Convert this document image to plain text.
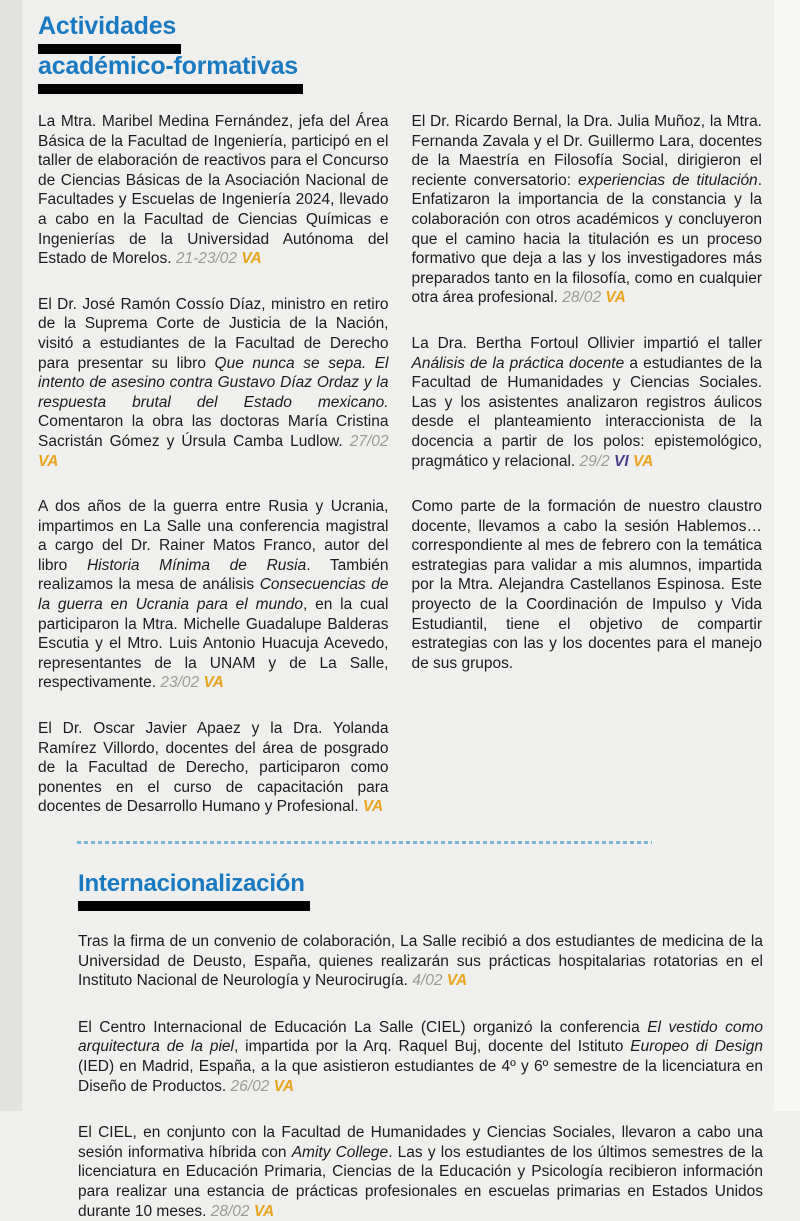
Actividades
académico-formativas

La Mtra. Maribel Medina Fernández, jefa del Área Básica de la Facultad de Ingeniería, participó en el taller de elaboración de reactivos para el Concurso de Ciencias Básicas de la Asociación Nacional de Facultades y Escuelas de Ingeniería 2024, llevado a cabo en la Facultad de Ciencias Químicas e Ingenierías de la Universidad Autónoma del Estado de Morelos. 21-23/02 VA

El Dr. José Ramón Cossío Díaz, ministro en retiro de la Suprema Corte de Justicia de la Nación, visitó a estudiantes de la Facultad de Derecho para presentar su libro Que nunca se sepa. El intento de asesino contra Gustavo Díaz Ordaz y la respuesta brutal del Estado mexicano. Comentaron la obra las doctoras María Cristina Sacristán Gómez y Úrsula Camba Ludlow. 27/02 VA

A dos años de la guerra entre Rusia y Ucrania, impartimos en La Salle una conferencia magistral a cargo del Dr. Rainer Matos Franco, autor del libro Historia Mínima de Rusia. También realizamos la mesa de análisis Consecuencias de la guerra en Ucrania para el mundo, en la cual participaron la Mtra. Michelle Guadalupe Balderas Escutia y el Mtro. Luis Antonio Huacuja Acevedo, representantes de la UNAM y de La Salle, respectivamente. 23/02 VA

El Dr. Oscar Javier Apaez y la Dra. Yolanda Ramírez Villordo, docentes del área de posgrado de la Facultad de Derecho, participaron como ponentes en el curso de capacitación para docentes de Desarrollo Humano y Profesional. VA

El Dr. Ricardo Bernal, la Dra. Julia Muñoz, la Mtra. Fernanda Zavala y el Dr. Guillermo Lara, docentes de la Maestría en Filosofía Social, dirigieron el reciente conversatorio: experiencias de titulación. Enfatizaron la importancia de la constancia y la colaboración con otros académicos y concluyeron que el camino hacia la titulación es un proceso formativo que deja a las y los investigadores más preparados tanto en la filosofía, como en cualquier otra área profesional. 28/02 VA

La Dra. Bertha Fortoul Ollivier impartió el taller Análisis de la práctica docente a estudiantes de la Facultad de Humanidades y Ciencias Sociales. Las y los asistentes analizaron registros áulicos desde el planteamiento interaccionista de la docencia a partir de los polos: epistemológico, pragmático y relacional. 29/2 VI VA

Como parte de la formación de nuestro claustro docente, llevamos a cabo la sesión Hablemos… correspondiente al mes de febrero con la temática estrategias para validar a mis alumnos, impartida por la Mtra. Alejandra Castellanos Espinosa. Este proyecto de la Coordinación de Impulso y Vida Estudiantil, tiene el objetivo de compartir estrategias con las y los docentes para el manejo de sus grupos.

Internacionalización

Tras la firma de un convenio de colaboración, La Salle recibió a dos estudiantes de medicina de la Universidad de Deusto, España, quienes realizarán sus prácticas hospitalarias rotatorias en el Instituto Nacional de Neurología y Neurocirugía. 4/02 VA

El Centro Internacional de Educación La Salle (CIEL) organizó la conferencia El vestido como arquitectura de la piel, impartida por la Arq. Raquel Buj, docente del Istituto Europeo di Design (IED) en Madrid, España, a la que asistieron estudiantes de 4º y 6º semestre de la licenciatura en Diseño de Productos. 26/02 VA

El CIEL, en conjunto con la Facultad de Humanidades y Ciencias Sociales, llevaron a cabo una sesión informativa híbrida con Amity College. Las y los estudiantes de los últimos semestres de la licenciatura en Educación Primaria, Ciencias de la Educación y Psicología recibieron información para realizar una estancia de prácticas profesionales en escuelas primarias en Estados Unidos durante 10 meses. 28/02 VA
